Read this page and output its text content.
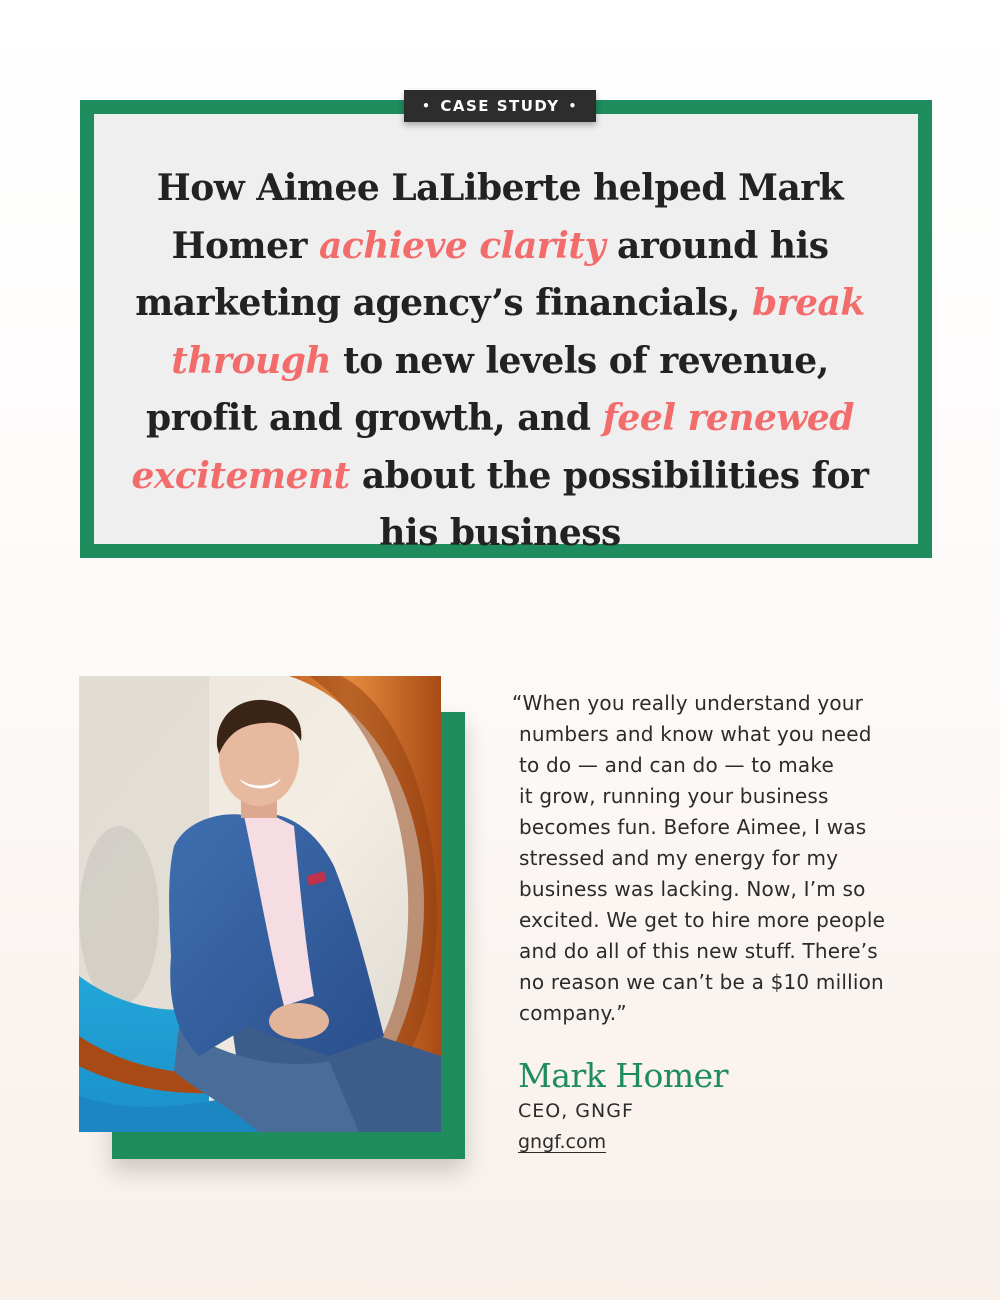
• CASE STUDY •
How Aimee LaLiberte helped Mark Homer achieve clarity around his marketing agency’s financials, break through to new levels of revenue, profit and growth, and feel renewed excitement about the possibilities for his business

“When you really understand your
numbers and know what you need
to do — and can do — to make
it grow, running your business
becomes fun. Before Aimee, I was
stressed and my energy for my
business was lacking. Now, I’m so
excited. We get to hire more people
and do all of this new stuff. There’s
no reason we can’t be a $10 million
company.”

Mark Homer
CEO, GNGF
gngf.com
